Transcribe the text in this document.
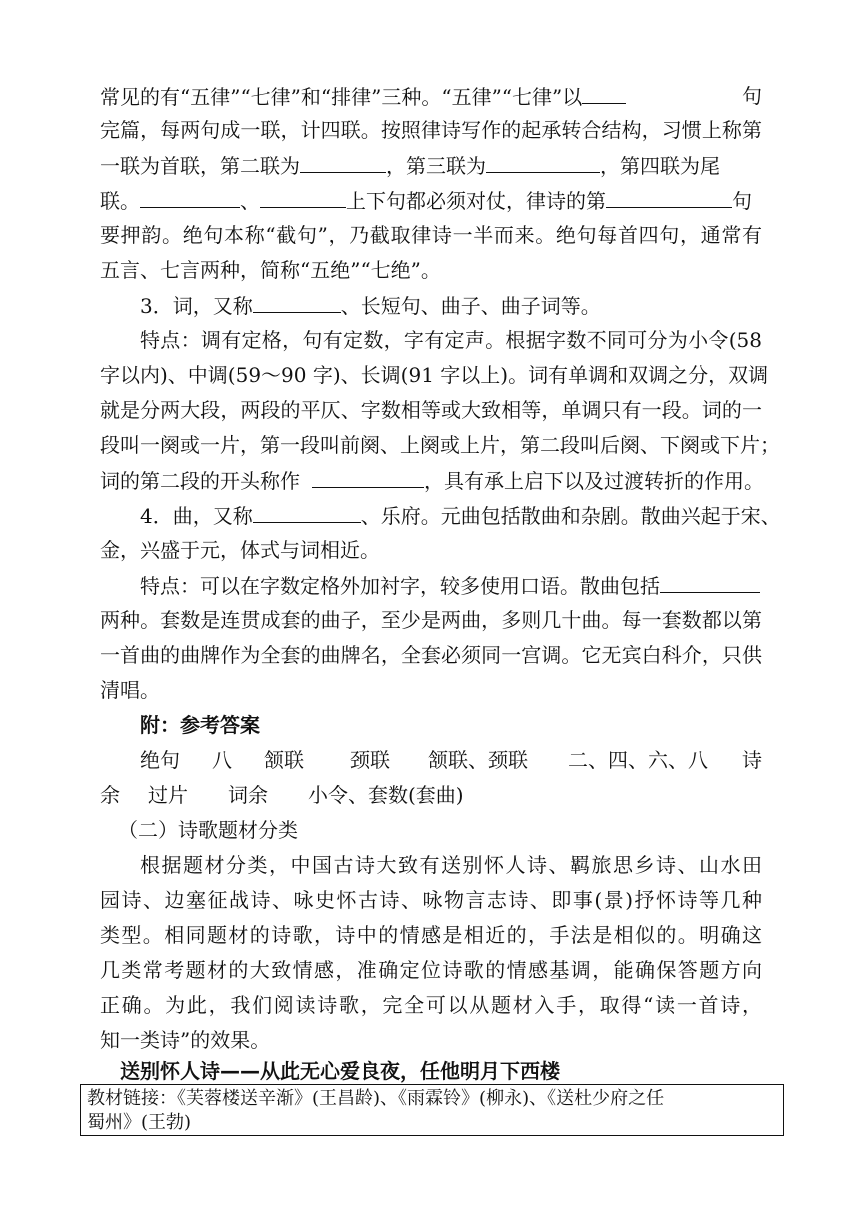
常见的有“五律”“七律”和“排律”三种。“五律”“七律”以	句
完篇，每两句成一联，计四联。按照律诗写作的起承转合结构，习惯上称第
一联为首联，第二联为	，第三联为	，第四联为尾
联。	、	上下句都必须对仗，律诗的第	句
要押韵。绝句本称“截句”，乃截取律诗一半而来。绝句每首四句，通常有
五言、七言两种，简称“五绝”“七绝”。
3．词，又称	、长短句、曲子、曲子词等。
特点：调有定格，句有定数，字有定声。根据字数不同可分为小令(58
字以内)、中调(59～90 字)、长调(91 字以上)。词有单调和双调之分，双调
就是分两大段，两段的平仄、字数相等或大致相等，单调只有一段。词的一
段叫一阕或一片，第一段叫前阕、上阕或上片，第二段叫后阕、下阕或下片；
词的第二段的开头称作	，具有承上启下以及过渡转折的作用。
4．曲，又称	、乐府。元曲包括散曲和杂剧。散曲兴起于宋、
金，兴盛于元，体式与词相近。
特点：可以在字数定格外加衬字，较多使用口语。散曲包括
两种。套数是连贯成套的曲子，至少是两曲，多则几十曲。每一套数都以第
一首曲的曲牌作为全套的曲牌名，全套必须同一宫调。它无宾白科介，只供
清唱。
附：参考答案
绝句 八 颔联 颈联 颔联、颈联 二、四、六、八 诗
余 过片 词余 小令、套数(套曲)
（二）诗歌题材分类
根据题材分类，中国古诗大致有送别怀人诗、羁旅思乡诗、山水田
园诗、边塞征战诗、咏史怀古诗、咏物言志诗、即事(景)抒怀诗等几种
类型。相同题材的诗歌，诗中的情感是相近的，手法是相似的。明确这
几类常考题材的大致情感，准确定位诗歌的情感基调，能确保答题方向
正确。为此，我们阅读诗歌，完全可以从题材入手，取得“读一首诗，
知一类诗”的效果。
送别怀人诗——从此无心爱良夜，任他明月下西楼
教材链接：《芙蓉楼送辛渐》(王昌龄)、《雨霖铃》(柳永)、《送杜少府之任
蜀州》(王勃)
